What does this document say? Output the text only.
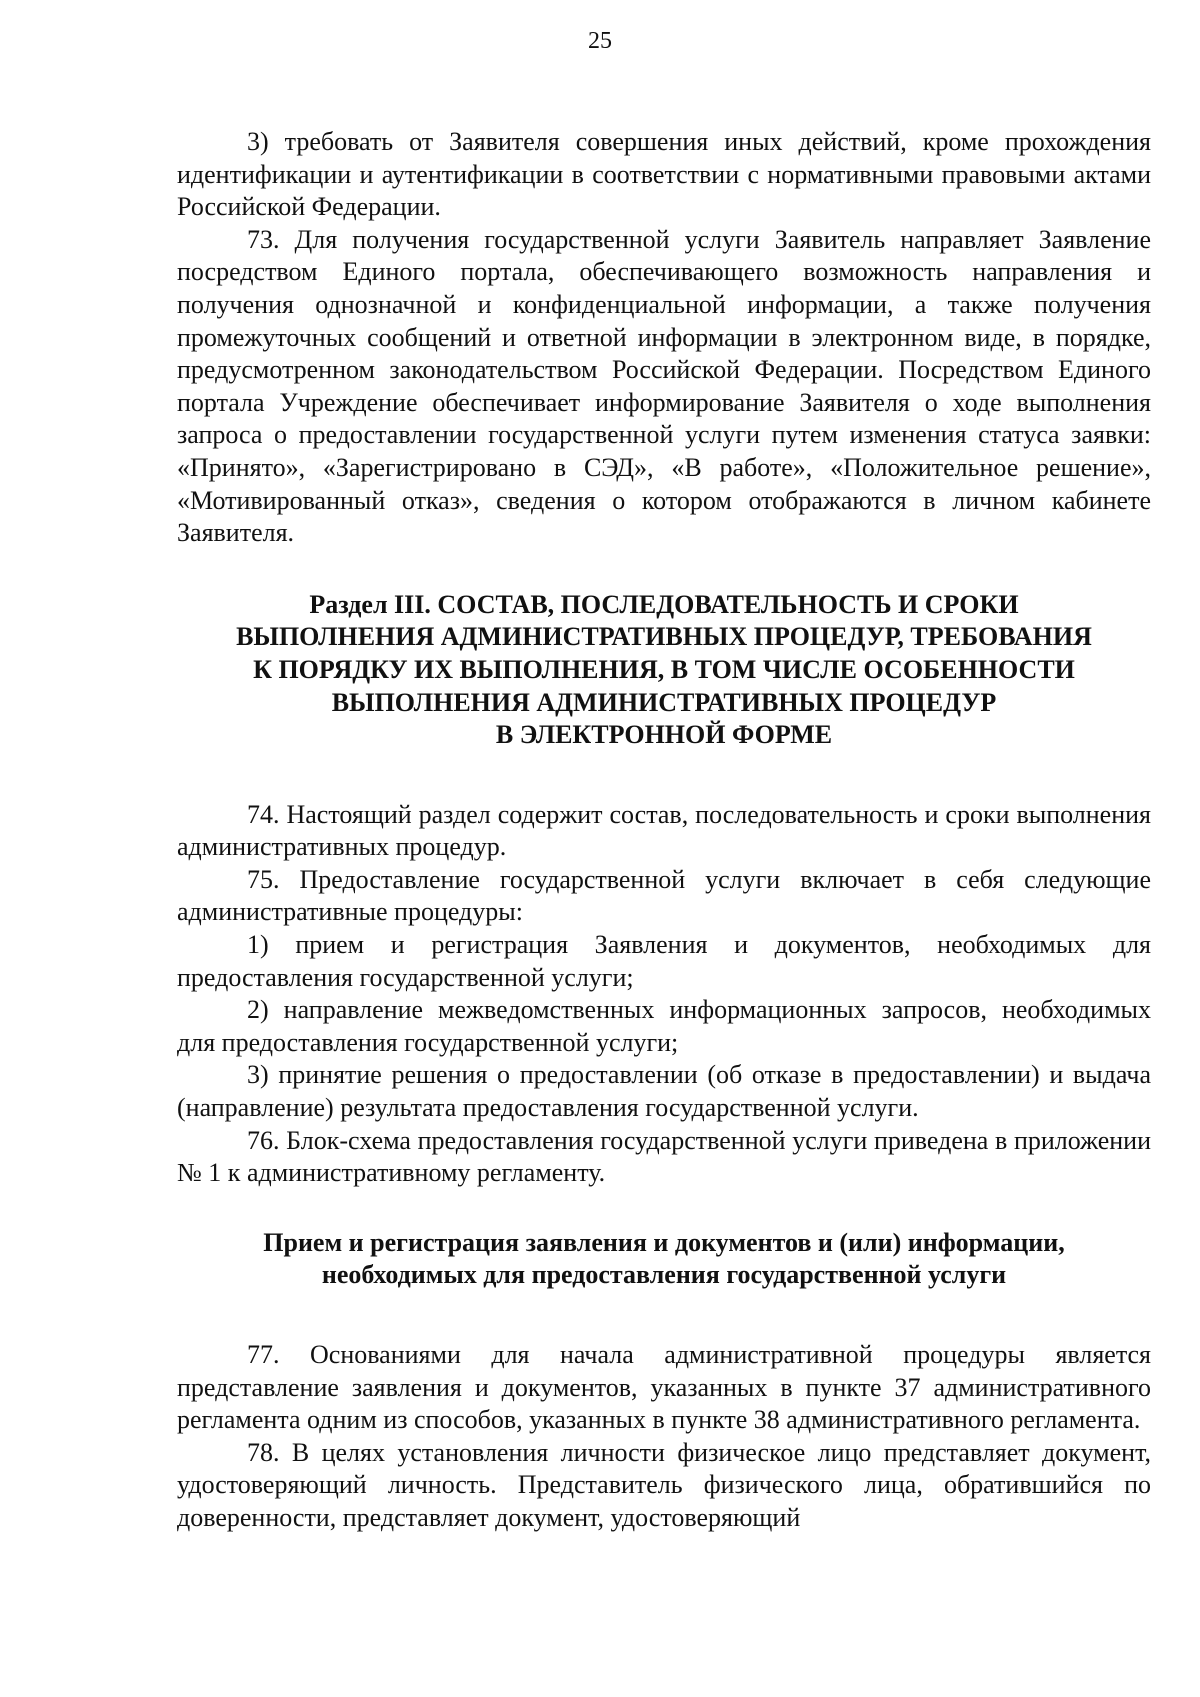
25

3) требовать от Заявителя совершения иных действий, кроме прохождения идентификации и аутентификации в соответствии с нормативными правовыми актами Российской Федерации.

73. Для получения государственной услуги Заявитель направляет Заявление посредством Единого портала, обеспечивающего возможность направления и получения однозначной и конфиденциальной информации, а также получения промежуточных сообщений и ответной информации в электронном виде, в порядке, предусмотренном законодательством Российской Федерации. Посредством Единого портала Учреждение обеспечивает информирование Заявителя о ходе выполнения запроса о предоставлении государственной услуги путем изменения статуса заявки: «Принято», «Зарегистрировано в СЭД», «В работе», «Положительное решение», «Мотивированный отказ», сведения о котором отображаются в личном кабинете Заявителя.

Раздел III. СОСТАВ, ПОСЛЕДОВАТЕЛЬНОСТЬ И СРОКИ
ВЫПОЛНЕНИЯ АДМИНИСТРАТИВНЫХ ПРОЦЕДУР, ТРЕБОВАНИЯ
К ПОРЯДКУ ИХ ВЫПОЛНЕНИЯ, В ТОМ ЧИСЛЕ ОСОБЕННОСТИ
ВЫПОЛНЕНИЯ АДМИНИСТРАТИВНЫХ ПРОЦЕДУР
В ЭЛЕКТРОННОЙ ФОРМЕ

74. Настоящий раздел содержит состав, последовательность и сроки выполнения административных процедур.

75. Предоставление государственной услуги включает в себя следующие административные процедуры:

1) прием и регистрация Заявления и документов, необходимых для предоставления государственной услуги;

2) направление межведомственных информационных запросов, необходимых для предоставления государственной услуги;

3) принятие решения о предоставлении (об отказе в предоставлении) и выдача (направление) результата предоставления государственной услуги.

76. Блок-схема предоставления государственной услуги приведена в приложении № 1 к административному регламенту.

Прием и регистрация заявления и документов и (или) информации,
необходимых для предоставления государственной услуги

77. Основаниями для начала административной процедуры является представление заявления и документов, указанных в пункте 37 административного регламента одним из способов, указанных в пункте 38 административного регламента.

78. В целях установления личности физическое лицо представляет документ, удостоверяющий личность. Представитель физического лица, обратившийся по доверенности, представляет документ, удостоверяющий
